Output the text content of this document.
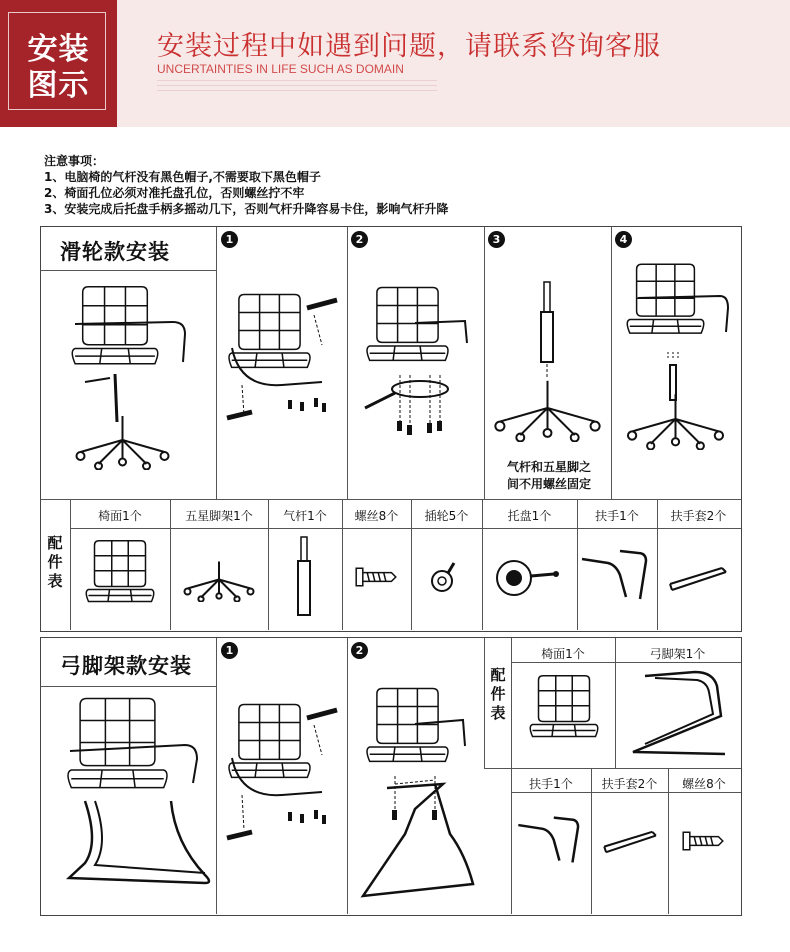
安装
图示
安装过程中如遇到问题，请联系咨询客服
UNCERTAINTIES IN LIFE SUCH AS DOMAIN
注意事项：
1、电脑椅的气杆没有黑色帽子,不需要取下黑色帽子
2、椅面孔位必须对准托盘孔位，否则螺丝拧不牢
3、安装完成后托盘手柄多摇动几下，否则气杆升降容易卡住，影响气杆升降
滑轮款安装
1	2	3	4
气杆和五星脚之
间不用螺丝固定
配件表
椅面1个	五星脚架1个	气杆1个	螺丝8个	插轮5个	托盘1个	扶手1个	扶手套2个
弓脚架款安装
1	2
配件表
椅面1个	弓脚架1个
扶手1个	扶手套2个	螺丝8个
